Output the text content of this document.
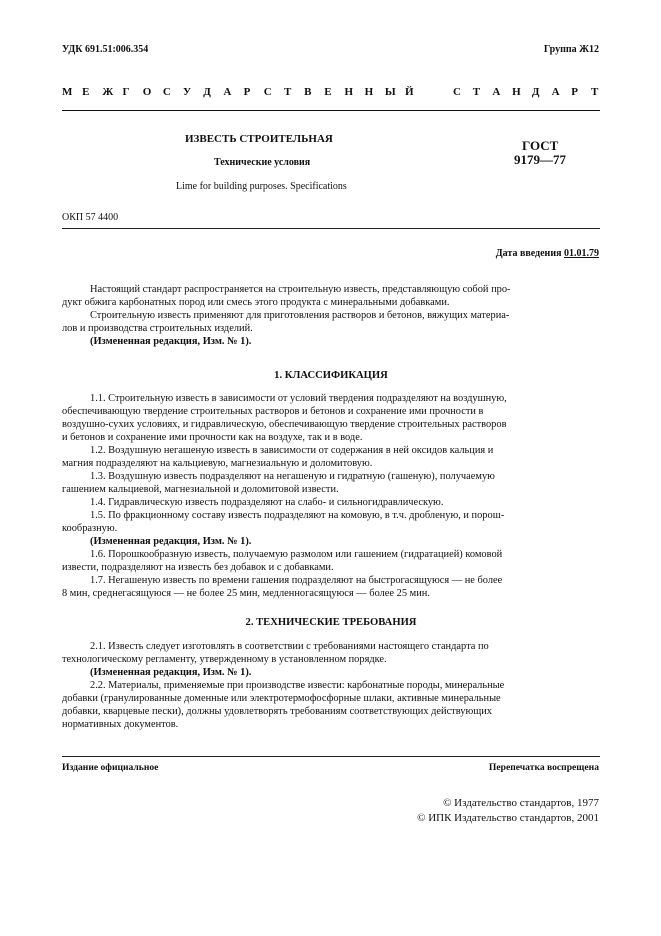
УДК 691.51:006.354	Группа Ж12
М Е Ж Г О С У Д А Р С Т В Е Н Н Ы Й	С Т А Н Д А Р Т
ИЗВЕСТЬ СТРОИТЕЛЬНАЯ
Технические условия
Lime for building purposes. Specifications
ГОСТ
9179—77
ОКП 57 4400
Дата введения 01.01.79
Настоящий стандарт распространяется на строительную известь, представляющую собой про-
дукт обжига карбонатных пород или смесь этого продукта с минеральными добавками.
Строительную известь применяют для приготовления растворов и бетонов, вяжущих материа-
лов и производства строительных изделий.
(Измененная редакция, Изм. № 1).
1. КЛАССИФИКАЦИЯ
1.1. Строительную известь в зависимости от условий твердения подразделяют на воздушную,
обеспечивающую твердение строительных растворов и бетонов и сохранение ими прочности в
воздушно-сухих условиях, и гидравлическую, обеспечивающую твердение строительных растворов
и бетонов и сохранение ими прочности как на воздухе, так и в воде.
1.2. Воздушную негашеную известь в зависимости от содержания в ней оксидов кальция и
магния подразделяют на кальциевую, магнезиальную и доломитовую.
1.3. Воздушную известь подразделяют на негашеную и гидратную (гашеную), получаемую
гашением кальциевой, магнезиальной и доломитовой извести.
1.4. Гидравлическую известь подразделяют на слабо- и сильногидравлическую.
1.5. По фракционному составу известь подразделяют на комовую, в т.ч. дробленую, и порош-
кообразную.
(Измененная редакция, Изм. № 1).
1.6. Порошкообразную известь, получаемую размолом или гашением (гидратацией) комовой
извести, подразделяют на известь без добавок и с добавками.
1.7. Негашеную известь по времени гашения подразделяют на быстрогасящуюся — не более
8 мин, среднегасящуюся — не более 25 мин, медленногасящуюся — более 25 мин.
2. ТЕХНИЧЕСКИЕ ТРЕБОВАНИЯ
2.1. Известь следует изготовлять в соответствии с требованиями настоящего стандарта по
технологическому регламенту, утвержденному в установленном порядке.
(Измененная редакция, Изм. № 1).
2.2. Материалы, применяемые при производстве извести: карбонатные породы, минеральные
добавки (гранулированные доменные или электротермофосфорные шлаки, активные минеральные
добавки, кварцевые пески), должны удовлетворять требованиям соответствующих действующих
нормативных документов.
Издание официальное	Перепечатка воспрещена
© Издательство стандартов, 1977
© ИПК Издательство стандартов, 2001
